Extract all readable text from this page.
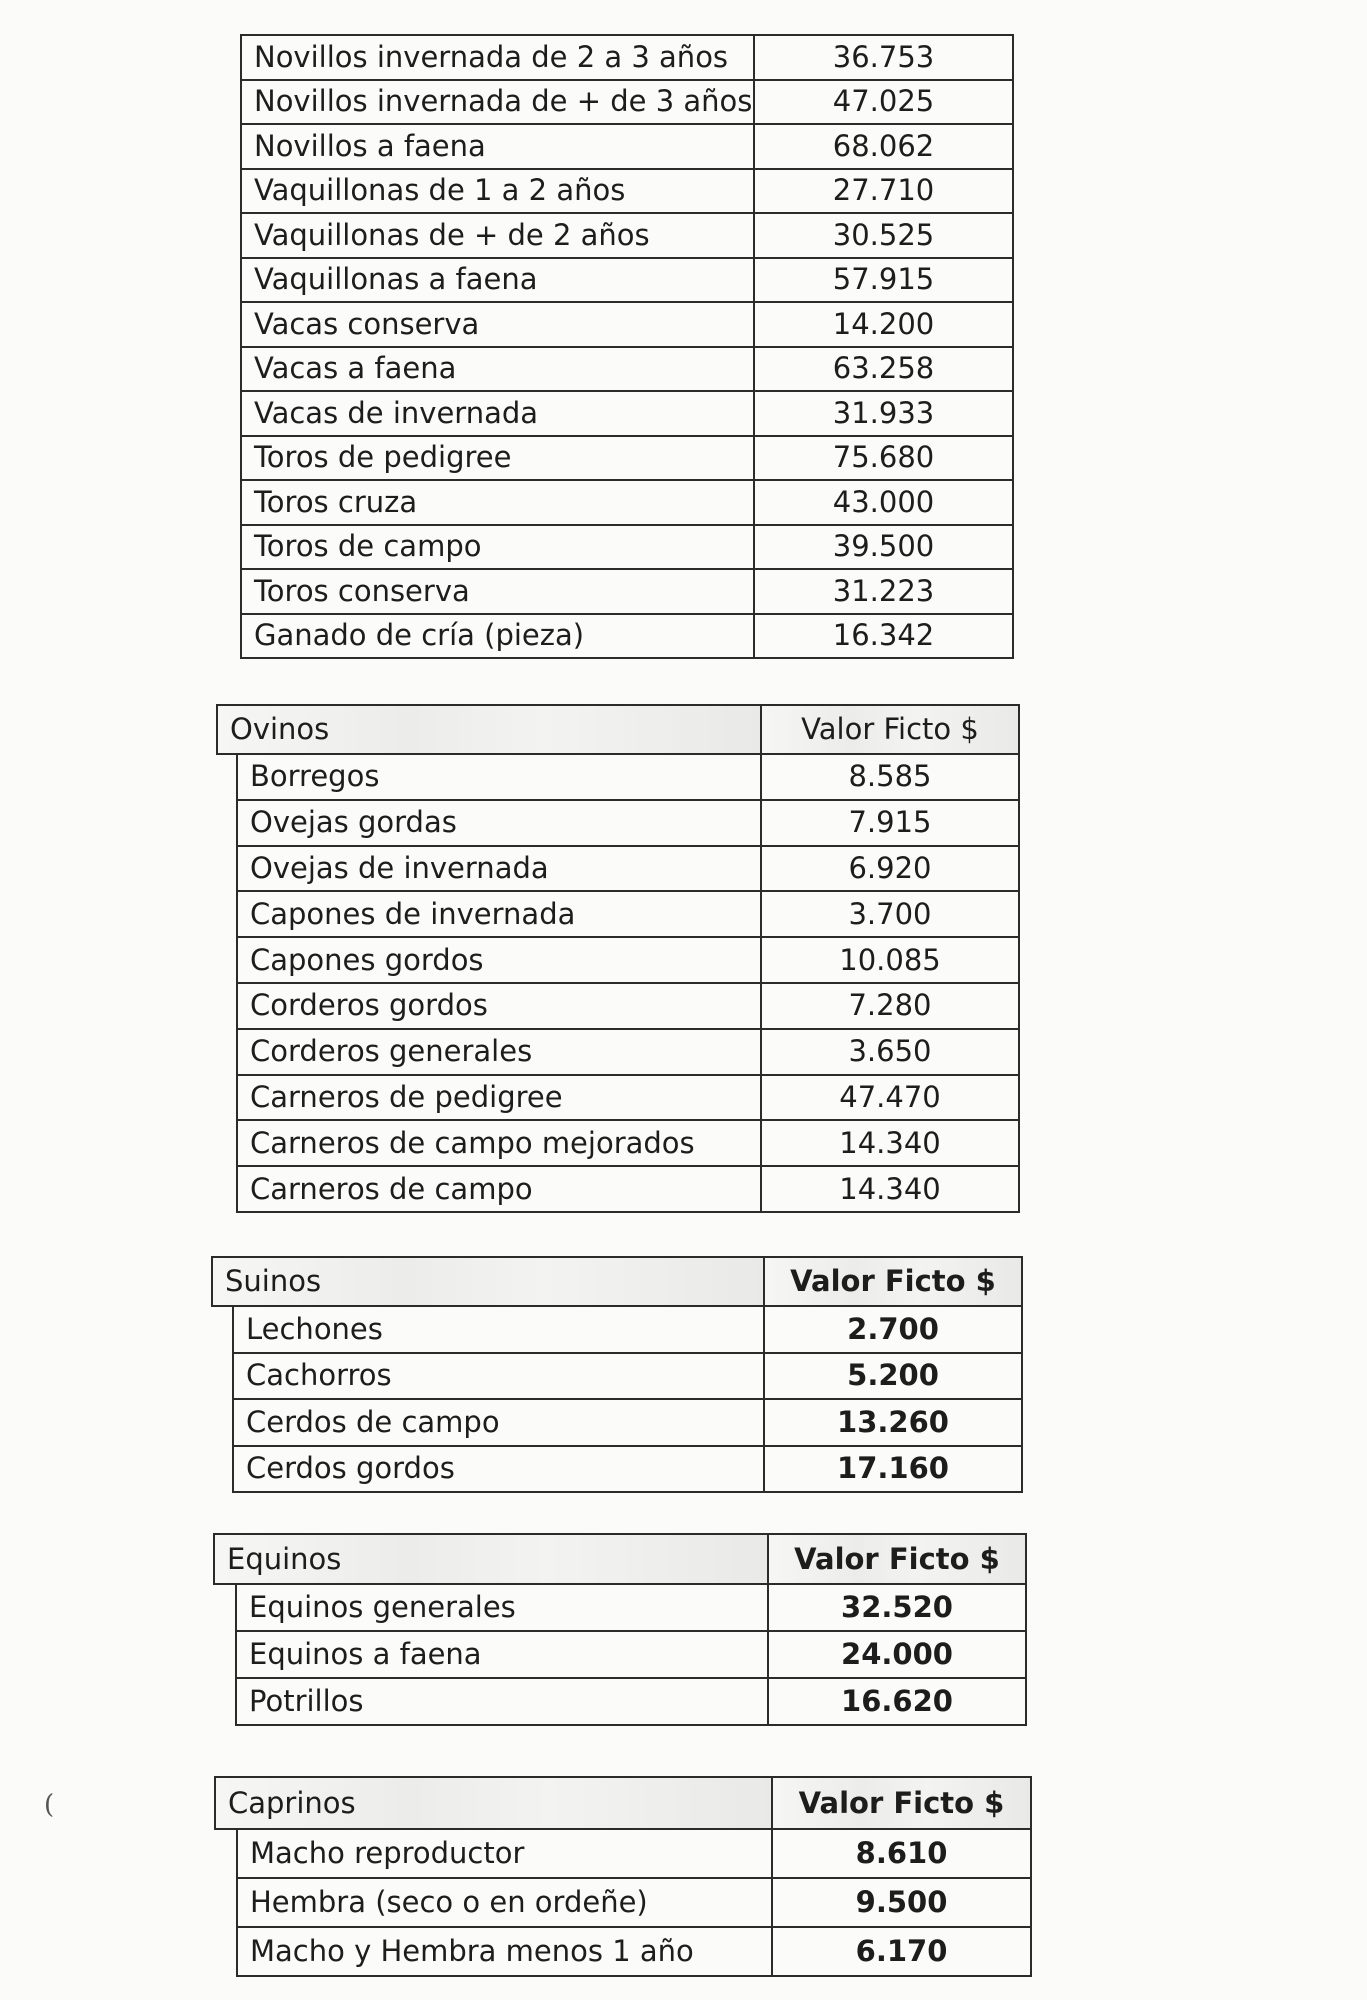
Novillos invernada de 2 a 3 años	36.753
Novillos invernada de + de 3 años	47.025
Novillos a faena	68.062
Vaquillonas de 1 a 2 años	27.710
Vaquillonas de + de 2 años	30.525
Vaquillonas a faena	57.915
Vacas conserva	14.200
Vacas a faena	63.258
Vacas de invernada	31.933
Toros de pedigree	75.680
Toros cruza	43.000
Toros de campo	39.500
Toros conserva	31.223
Ganado de cría (pieza)	16.342
Ovinos		Valor Ficto $
	Borregos	8.585
	Ovejas gordas	7.915
	Ovejas de invernada	6.920
	Capones de invernada	3.700
	Capones gordos	10.085
	Corderos gordos	7.280
	Corderos generales	3.650
	Carneros de pedigree	47.470
	Carneros de campo mejorados	14.340
	Carneros de campo	14.340
Suinos		Valor Ficto $
	Lechones	2.700
	Cachorros	5.200
	Cerdos de campo	13.260
	Cerdos gordos	17.160
Equinos		Valor Ficto $
	Equinos generales	32.520
	Equinos a faena	24.000
	Potrillos	16.620
Caprinos		Valor Ficto $
	Macho reproductor	8.610
	Hembra (seco o en ordeñe)	9.500
	Macho y Hembra menos 1 año	6.170
(
